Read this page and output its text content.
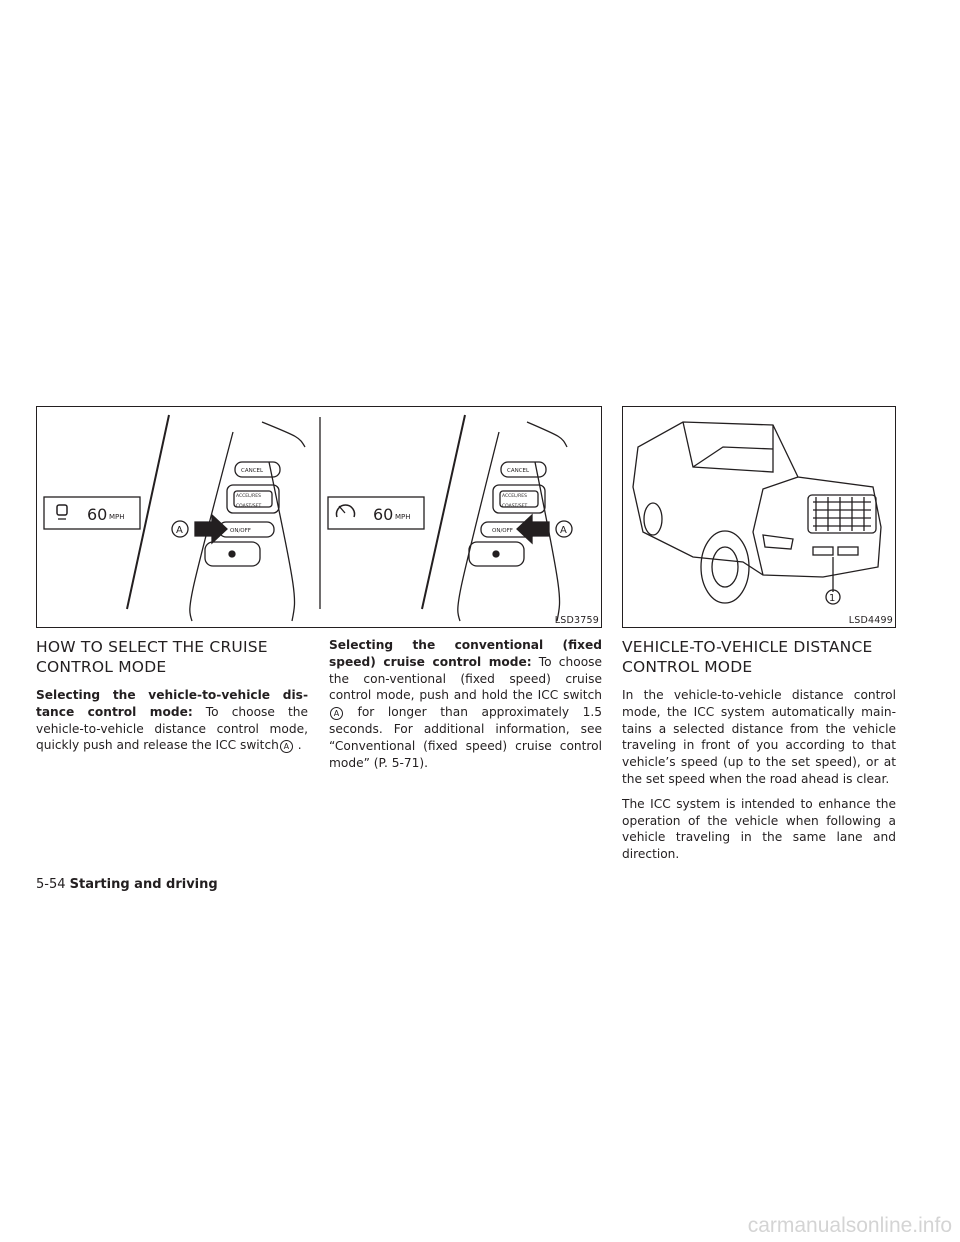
60 MPH
A
CANCEL
ACCEL/RES
COAST/SET
ON/OFF
60 MPH
A
CANCEL
ACCEL/RES
COAST/SET
ON/OFF
LSD3759
1
LSD4499
HOW TO SELECT THE CRUISE CONTROL MODE

Selecting the vehicle-to-vehicle dis-tance control mode: To choose the vehicle-to-vehicle distance control mode, quickly push and release the ICC switch A .

Selecting the conventional (fixed speed) cruise control mode: To choose the con-ventional (fixed speed) cruise control mode, push and hold the ICC switchA for longer than approximately 1.5 seconds. For additional information, see “Conventional (fixed speed) cruise control mode” (P. 5-71).

VEHICLE-TO-VEHICLE DISTANCE CONTROL MODE

In the vehicle-to-vehicle distance control mode, the ICC system automatically main-tains a selected distance from the vehicle traveling in front of you according to that vehicle’s speed (up to the set speed), or at the set speed when the road ahead is clear.

The ICC system is intended to enhance the operation of the vehicle when following a vehicle traveling in the same lane and direction.

5-54 Starting and driving
carmanualsonline.info
